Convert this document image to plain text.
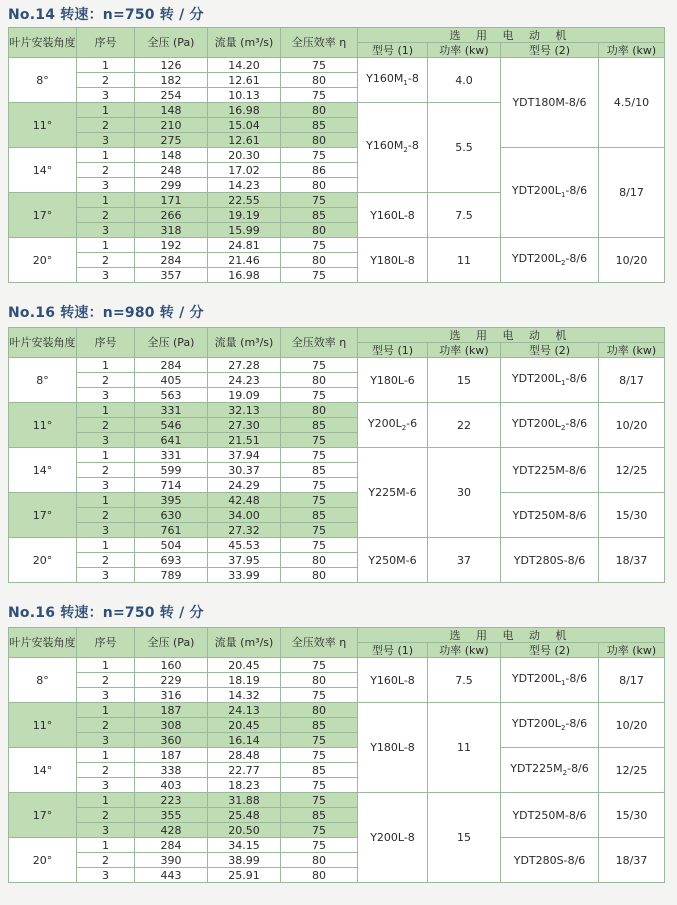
No.14 转速：n=750 转 / 分
叶片安装角度	序号	全压 (Pa)	流量 (m³/s)	全压效率 η	选 用 电 动 机			
					型号 (1)	功率 (kw)	型号 (2)	功率 (kw)
8°	1	126	14.20	75	$Y160M_1-8$	4.0	YDT180M-8/6	4.5/10
	2	182	12.61	80				
	3	254	10.13	75				
11°	1	148	16.98	80	$Y160M_2-8$	5.5		
	2	210	15.04	85				
	3	275	12.61	80				
14°	1	148	20.30	75			$YDT200L_1-8/6$	8/17
	2	248	17.02	86				
	3	299	14.23	80				
17°	1	171	22.55	75	Y160L-8	7.5		
	2	266	19.19	85				
	3	318	15.99	80				
20°	1	192	24.81	75	Y180L-8	11	$YDT200L_2-8/6$	10/20
	2	284	21.46	80				
	3	357	16.98	75				
No.16 转速：n=980 转 / 分
叶片安装角度	序号	全压 (Pa)	流量 (m³/s)	全压效率 η	选 用 电 动 机			
					型号 (1)	功率 (kw)	型号 (2)	功率 (kw)
8°	1	284	27.28	75	Y180L-6	15	$YDT200L_1-8/6$	8/17
	2	405	24.23	80				
	3	563	19.09	75				
11°	1	331	32.13	80	$Y200L_2-6$	22	$YDT200L_2-8/6$	10/20
	2	546	27.30	85				
	3	641	21.51	75				
14°	1	331	37.94	75	Y225M-6	30	YDT225M-8/6	12/25
	2	599	30.37	85				
	3	714	24.29	75				
17°	1	395	42.48	75			YDT250M-8/6	15/30
	2	630	34.00	85				
	3	761	27.32	75				
20°	1	504	45.53	75	Y250M-6	37	YDT280S-8/6	18/37
	2	693	37.95	80				
	3	789	33.99	80				
No.16 转速：n=750 转 / 分
叶片安装角度	序号	全压 (Pa)	流量 (m³/s)	全压效率 η	选 用 电 动 机			
					型号 (1)	功率 (kw)	型号 (2)	功率 (kw)
8°	1	160	20.45	75	Y160L-8	7.5	$YDT200L_1-8/6$	8/17
	2	229	18.19	80				
	3	316	14.32	75				
11°	1	187	24.13	80	Y180L-8	11	$YDT200L_2-8/6$	10/20
	2	308	20.45	85				
	3	360	16.14	75				
14°	1	187	28.48	75			$YDT225M_2-8/6$	12/25
	2	338	22.77	85				
	3	403	18.23	75				
17°	1	223	31.88	75	Y200L-8	15	YDT250M-8/6	15/30
	2	355	25.48	85				
	3	428	20.50	75				
20°	1	284	34.15	75			YDT280S-8/6	18/37
	2	390	38.99	80				
	3	443	25.91	80				
